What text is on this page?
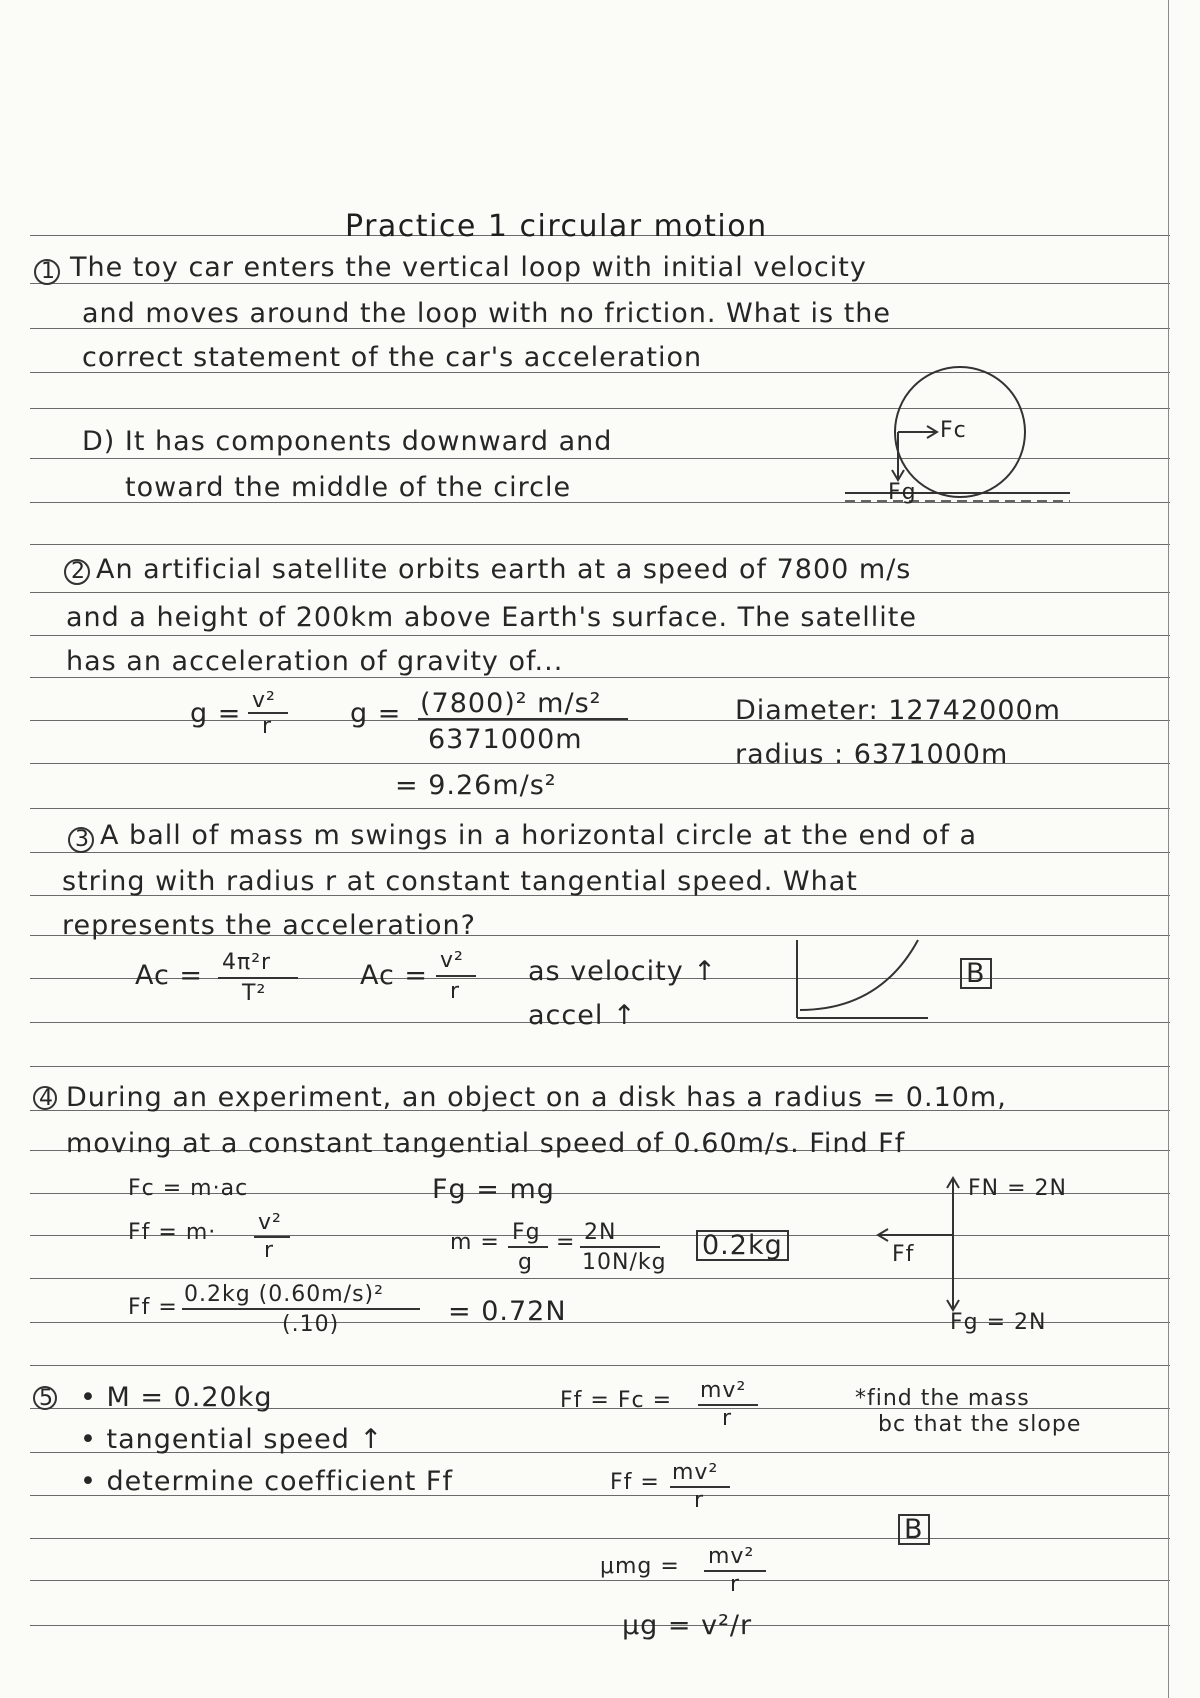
Practice 1 circular motion
1 The toy car enters the vertical loop with initial velocity
and moves around the loop with no friction. What is the
correct statement of the car's acceleration
D) It has components downward and
toward the middle of the circle
Fc
Fg
2 An artificial satellite orbits earth at a speed of 7800 m/s
and a height of 200km above Earth's surface. The satellite
has an acceleration of gravity of...
g = v²
r	g = (7800)² m/s²
6371000m
= 9.26m/s²
Diameter: 12742000m
radius : 6371000m
3 A ball of mass m swings in a horizontal circle at the end of a
string with radius r at constant tangential speed. What
represents the acceleration?
Ac = 4π²r
T²
Ac = v²
r
as velocity ↑
accel ↑
B
4 During an experiment, an object on a disk has a radius = 0.10m,
moving at a constant tangential speed of 0.60m/s. Find Ff
Fc = m·ac
Ff = m· v²
r
Ff =
0.2kg (0.60m/s)²
(.10)	= 0.72N
Fg = mg
m = Fg
g
= 2N
10N/kg
0.2kg
FN = 2N
Ff
Fg = 2N
5 • M = 0.20kg
• tangential speed ↑
• determine coefficient Ff
Ff = Fc = mv²
r
Ff = mv²
r
μmg = mv²
r
μg = v²/r
*find the mass
bc that the slope
B
